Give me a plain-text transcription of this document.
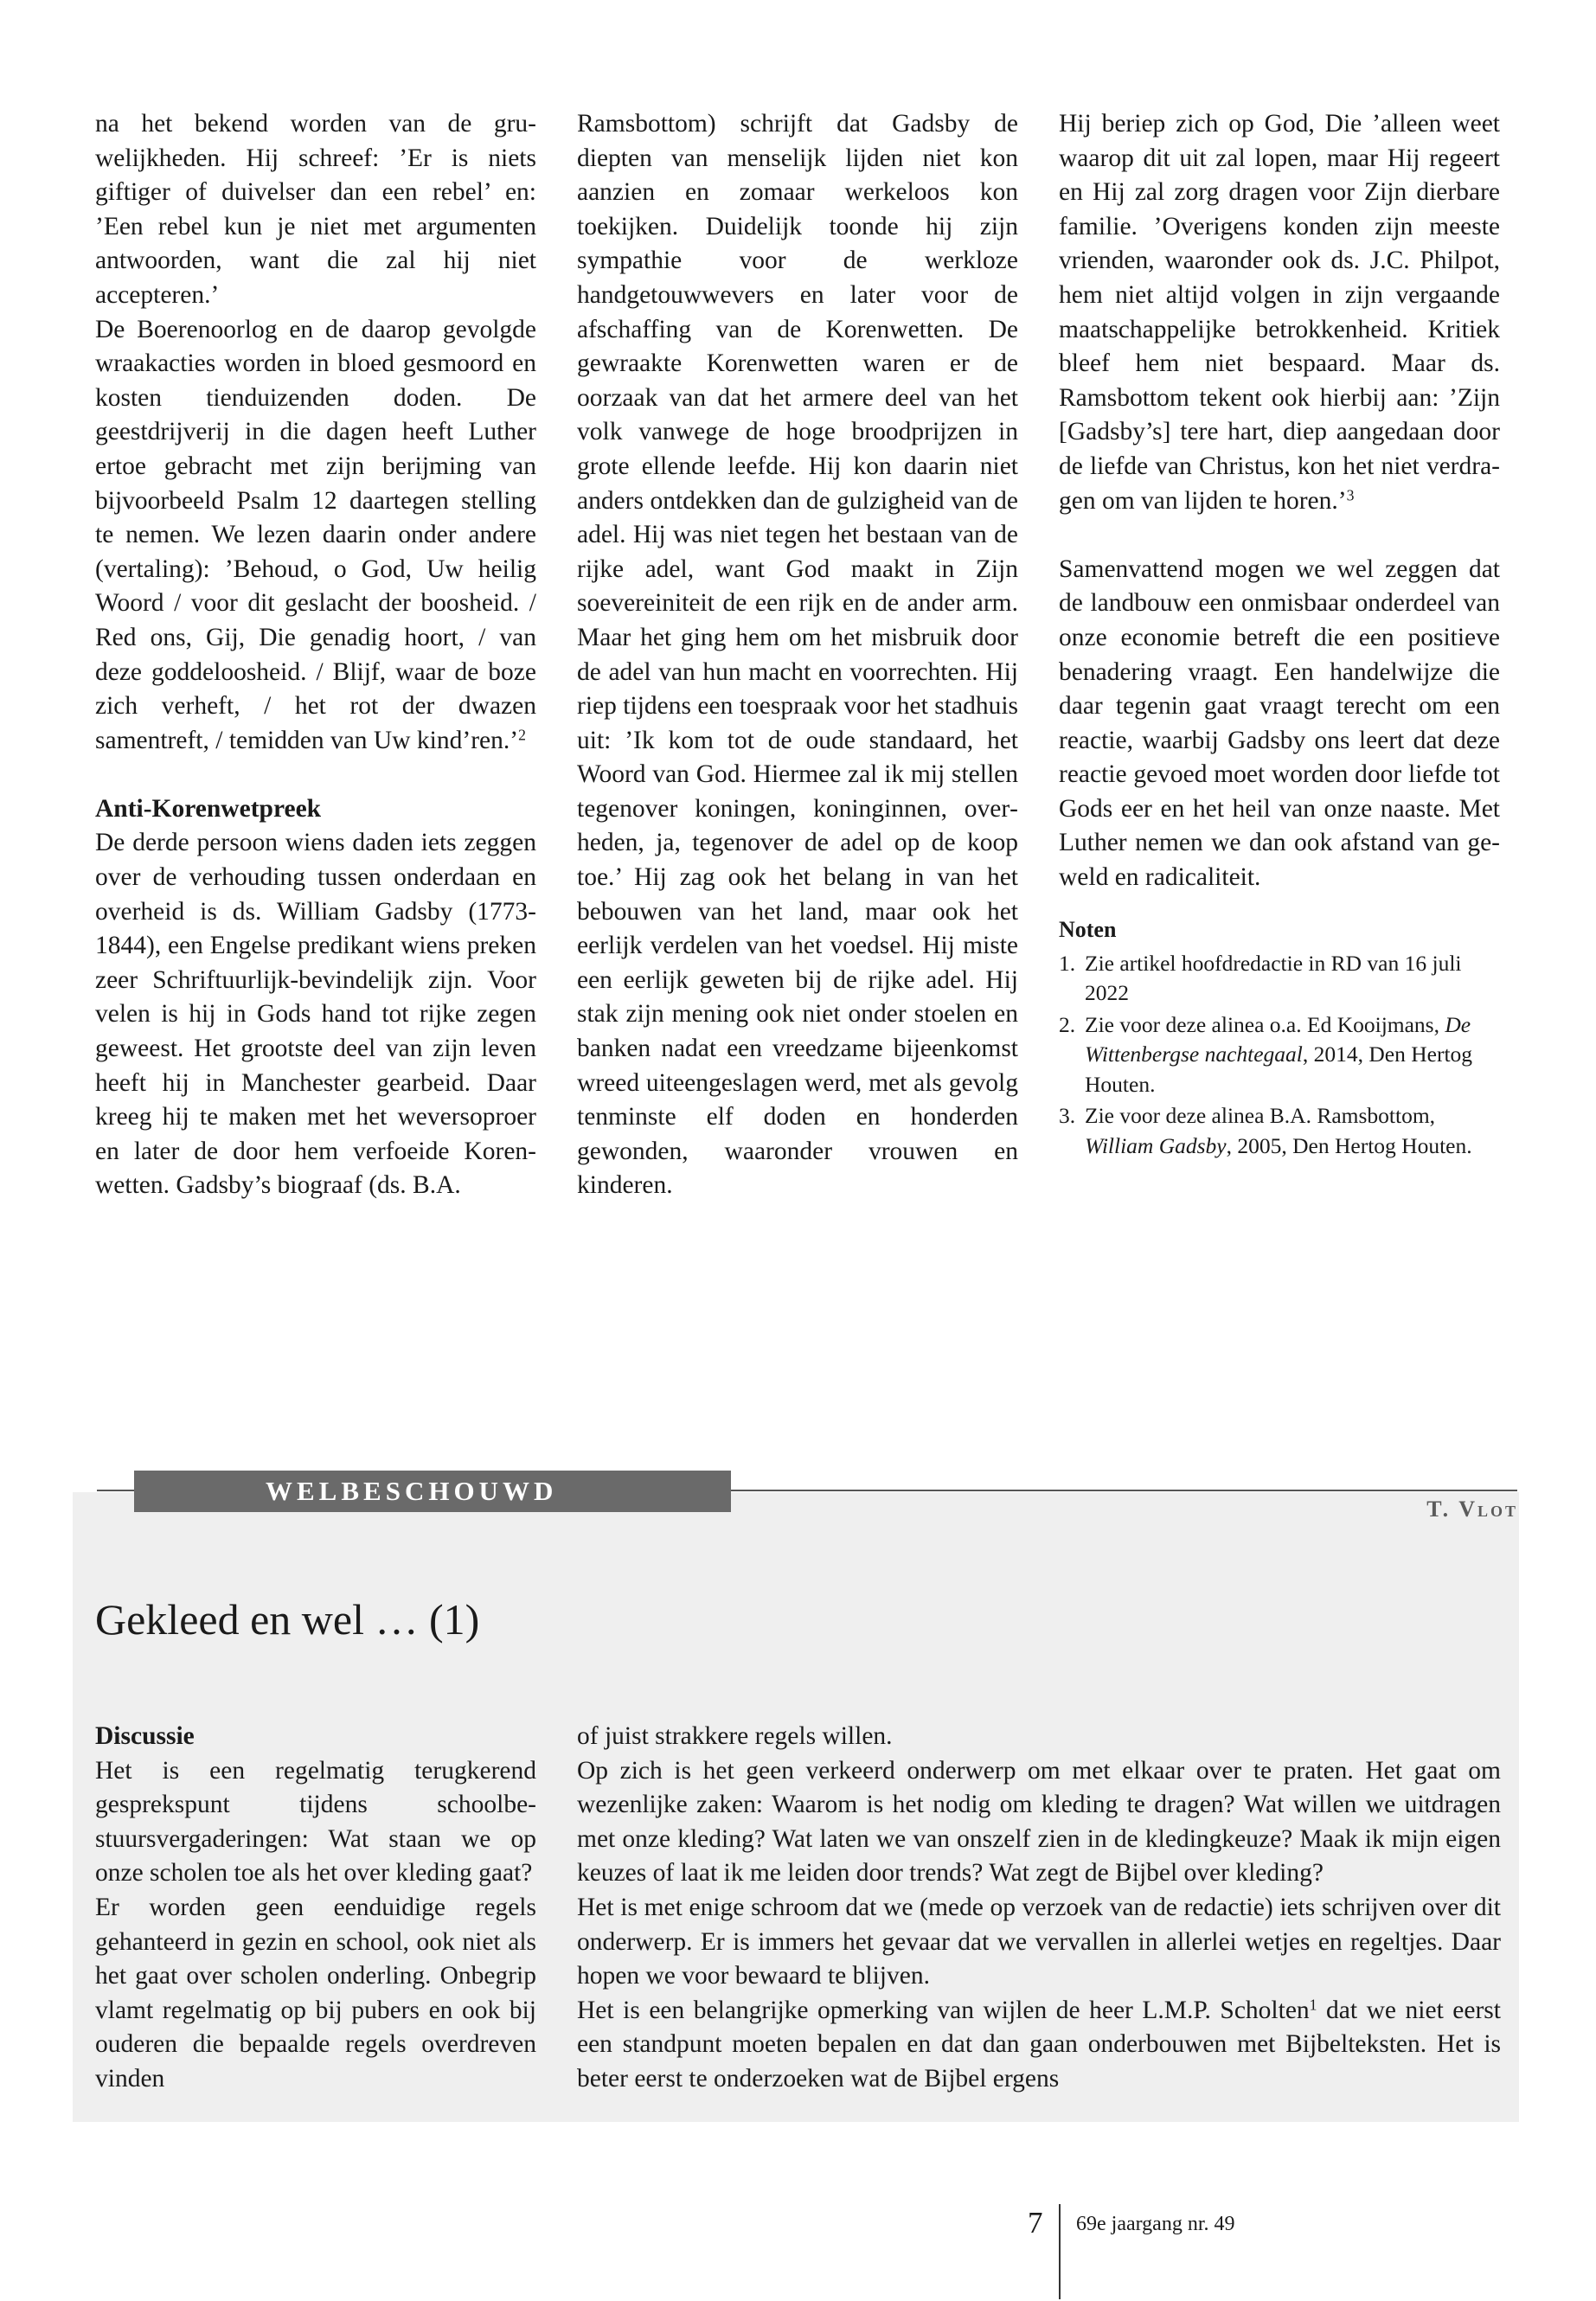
na het bekend worden van de gruwelijkheden. Hij schreef: ’Er is niets giftiger of duivelser dan een rebel’ en: ’Een rebel kun je niet met argumenten antwoorden, want die zal hij niet accepteren.’

De Boerenoorlog en de daarop gevolgde wraakacties worden in bloed gesmoord en kosten tienduizenden doden. De geestdrijverij in die dagen heeft Luther ertoe gebracht met zijn berijming van bijvoorbeeld Psalm 12 daartegen stelling te nemen. We lezen daarin onder andere (vertaling): ’Behoud, o God, Uw heilig Woord / voor dit geslacht der boosheid. / Red ons, Gij, Die genadig hoort, / van deze goddeloosheid. / Blijf, waar de boze zich verheft, / het rot der dwazen samentreft, / temidden van Uw kind’ren.’$^2$

Anti-Korenwetpreek

De derde persoon wiens daden iets zeggen over de verhouding tussen onderdaan en overheid is ds. William Gadsby (1773-1844), een Engelse predikant wiens preken zeer Schriftuurlijk-bevindelijk zijn. Voor velen is hij in Gods hand tot rijke zegen geweest. Het grootste deel van zijn leven heeft hij in Manchester gearbeid. Daar kreeg hij te maken met het weversoproer en later de door hem verfoeide Korenwetten. Gadsby’s biograaf (ds. B.A.

Ramsbottom) schrijft dat Gadsby de diepten van menselijk lijden niet kon aanzien en zomaar werkeloos kon toekijken. Duidelijk toonde hij zijn sympathie voor de werkloze handgetouwwevers en later voor de afschaffing van de Korenwetten. De gewraakte Korenwetten waren er de oorzaak van dat het armere deel van het volk vanwege de hoge broodprijzen in grote ellende leefde. Hij kon daarin niet anders ontdekken dan de gulzigheid van de adel. Hij was niet tegen het bestaan van de rijke adel, want God maakt in Zijn soevereiniteit de een rijk en de ander arm. Maar het ging hem om het misbruik door de adel van hun macht en voorrechten. Hij riep tijdens een toespraak voor het stadhuis uit: ’Ik kom tot de oude standaard, het Woord van God. Hiermee zal ik mij stellen tegenover koningen, koninginnen, overheden, ja, tegenover de adel op de koop toe.’ Hij zag ook het belang in van het bebouwen van het land, maar ook het eerlijk verdelen van het voedsel. Hij miste een eerlijk geweten bij de rijke adel. Hij stak zijn mening ook niet onder stoelen en banken nadat een vreedzame bijeenkomst wreed uiteengeslagen werd, met als gevolg tenminste elf doden en honderden gewonden, waaronder vrouwen en kinderen.

Hij beriep zich op God, Die ’alleen weet waarop dit uit zal lopen, maar Hij regeert en Hij zal zorg dragen voor Zijn dierbare familie. ’Overigens konden zijn meeste vrienden, waaronder ook ds. J.C. Philpot, hem niet altijd volgen in zijn vergaande maatschappelijke betrokkenheid. Kritiek bleef hem niet bespaard. Maar ds. Ramsbottom tekent ook hierbij aan: ’Zijn [Gadsby’s] tere hart, diep aangedaan door de liefde van Christus, kon het niet verdragen om van lijden te horen.’$^3$

Samenvattend mogen we wel zeggen dat de landbouw een onmisbaar onderdeel van onze economie betreft die een positieve benadering vraagt. Een handelwijze die daar tegenin gaat vraagt terecht om een reactie, waarbij Gadsby ons leert dat deze reactie gevoed moet worden door liefde tot Gods eer en het heil van onze naaste. Met Luther nemen we dan ook afstand van geweld en radicaliteit.

Noten
1. Zie artikel hoofdredactie in RD van 16 juli 2022
2. Zie voor deze alinea o.a. Ed Kooijmans, De Wittenbergse nachtegaal, 2014, Den Hertog Houten.
3. Zie voor deze alinea B.A. Ramsbottom, William Gadsby, 2005, Den Hertog Houten.
WELBESCHOUWD
T. Vlot
Gekleed en wel … (1)

Discussie

Het is een regelmatig terugkerend gesprekspunt tijdens schoolbestuursvergaderingen: Wat staan we op onze scholen toe als het over kleding gaat?

Er worden geen eenduidige regels gehanteerd in gezin en school, ook niet als het gaat over scholen onderling. Onbegrip vlamt regelmatig op bij pubers en ook bij ouderen die bepaalde regels overdreven vinden

of juist strakkere regels willen.

Op zich is het geen verkeerd onderwerp om met elkaar over te praten. Het gaat om wezenlijke zaken: Waarom is het nodig om kleding te dragen? Wat willen we uitdragen met onze kleding? Wat laten we van onszelf zien in de kledingkeuze? Maak ik mijn eigen keuzes of laat ik me leiden door trends? Wat zegt de Bijbel over kleding?

Het is met enige schroom dat we (mede op verzoek van de redactie) iets schrijven over dit onderwerp. Er is immers het gevaar dat we vervallen in allerlei wetjes en regeltjes. Daar hopen we voor bewaard te blijven.

Het is een belangrijke opmerking van wijlen de heer L.M.P. Scholten$^1$ dat we niet eerst een standpunt moeten bepalen en dat dan gaan onderbouwen met Bijbelteksten. Het is beter eerst te onderzoeken wat de Bijbel ergens

7 69e jaargang nr. 49
